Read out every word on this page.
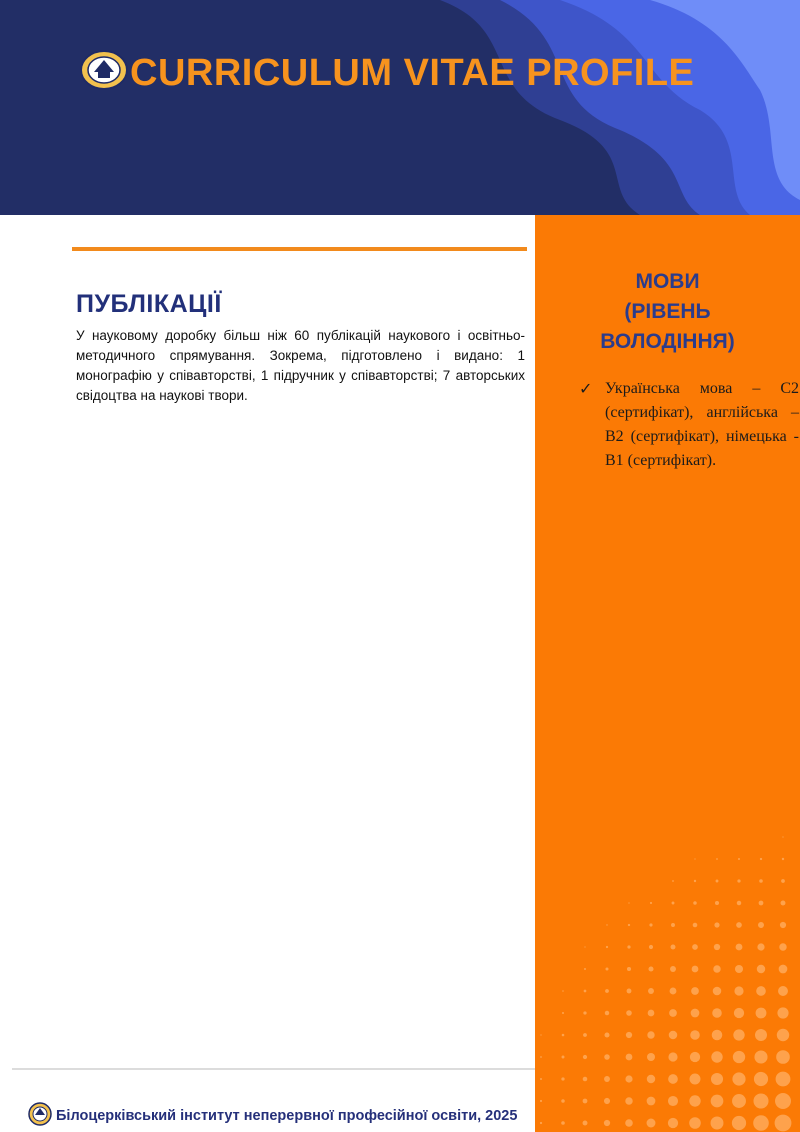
CURRICULUM VITAE PROFILE
ПУБЛІКАЦІЇ
У науковому доробку більш ніж 60 публікацій наукового і освітньо-методичного спрямування. Зокрема, підготовлено і видано: 1 монографію у співавторстві, 1 підручник у співавторстві; 7 авторських свідоцтва на наукові твори.
МОВИ
(РІВЕНЬ
ВОЛОДІННЯ)
✓ Українська мова – С2 (сертифікат), англійська – В2 (сертифікат), німецька - В1 (сертифікат).
Білоцерківський інститут неперервної професійної освіти, 2025
